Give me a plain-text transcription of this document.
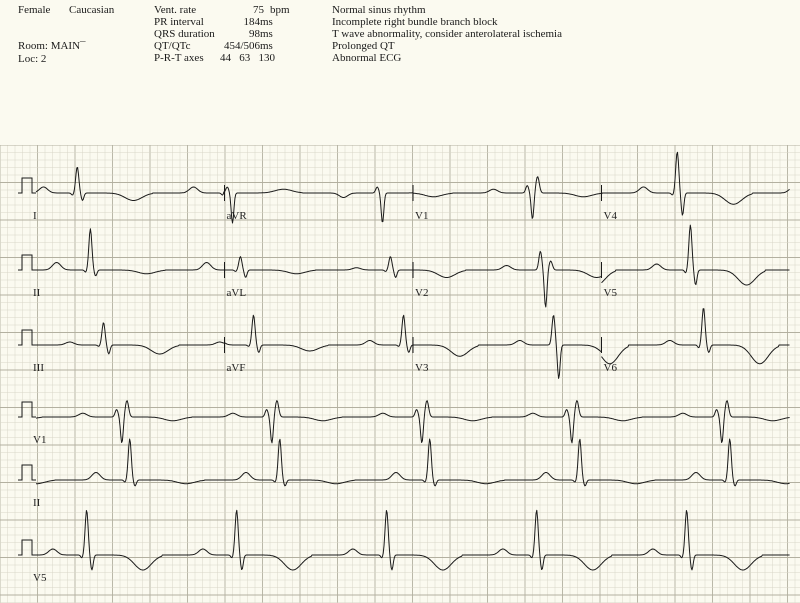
Female Caucasian
Room: MAIN¯
Loc: 2
Vent. rate	75 bpm
PR interval	184 ms
QRS duration	98 ms
QT/QTc	454/506 ms
P-R-T axes 44   63   130
Normal sinus rhythm
Incomplete right bundle branch block
T wave abnormality, consider anterolateral ischemia
Prolonged QT
Abnormal ECG
I	aVR	V1	V4
II	aVL	V2	V5
III	aVF	V3	V6
V1
II
V5
